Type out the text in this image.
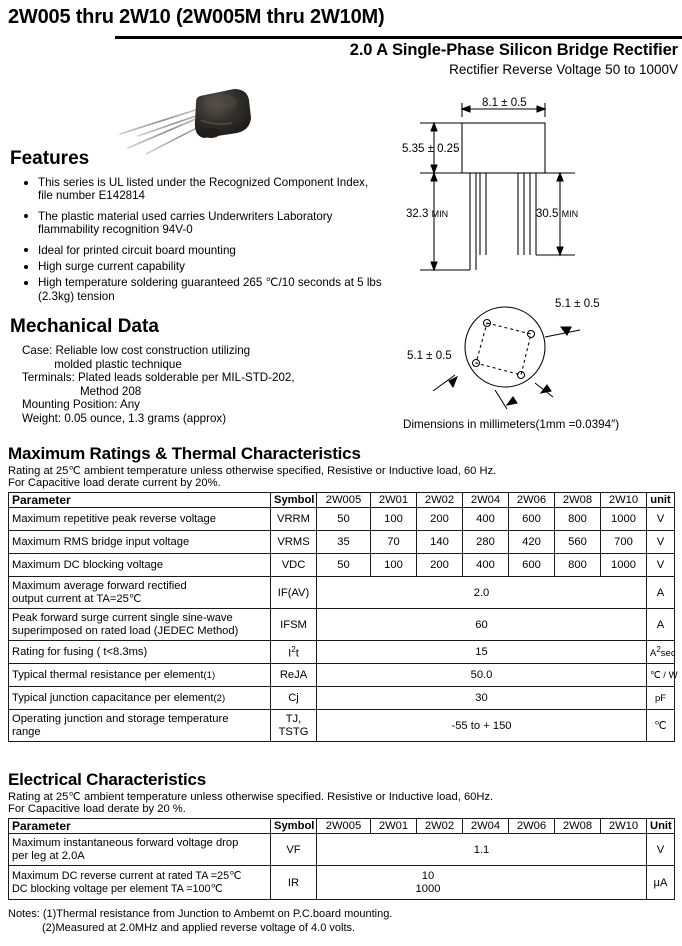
2W005 thru 2W10 (2W005M thru 2W10M)
2.0 A Single-Phase Silicon Bridge Rectifier
Rectifier Reverse Voltage 50 to 1000V
Features
This series is UL listed under the Recognized Component Index, file number E142814
The plastic material used carries Underwriters Laboratory flammability recognition 94V-0
Ideal for printed circuit board mounting
High surge current capability
High temperature soldering guaranteed 265 ℃/10 seconds at 5 lbs (2.3kg) tension
Mechanical Data
Case: Reliable low cost construction utilizing
molded plastic technique
Terminals: Plated leads solderable per MIL-STD-202,
Method 208
Mounting Position: Any
Weight: 0.05 ounce, 1.3 grams (approx)
8.1 ± 0.5
5.35 ± 0.25
32.3 MIN	30.5 MIN
5.1 ± 0.5
5.1 ± 0.5
Dimensions in millimeters(1mm =0.0394″)
Maximum Ratings & Thermal Characteristics
Rating at 25℃ ambient temperature unless otherwise specified, Resistive or Inductive load, 60 Hz.
For Capacitive load derate current by 20%.
Parameter	Symbol	2W005	2W01	2W02	2W04	2W06	2W08	2W10	unit
Maximum repetitive peak reverse voltage	VRRM	50	100	200	400	600	800	1000	V
Maximum RMS bridge input voltage	VRMS	35	70	140	280	420	560	700	V
Maximum DC blocking voltage	VDC	50	100	200	400	600	800	1000	V
Maximum average forward rectified
output current at TA=25℃	IF(AV)	2.0							A
Peak forward surge current single sine-wave
superimposed on rated load (JEDEC Method)	IFSM	60							A
Rating for fusing ( t<8.3ms)	$I^2t$	15							$A^2\sec$
Typical thermal resistance per element(1)	ReJA	50.0							℃ / W
Typical junction capacitance per element(2)	Cj	30							pF
Operating junction and storage temperature
range	TJ,
TSTG	-55 to + 150							℃
Electrical Characteristics
Rating at 25℃ ambient temperature unless otherwise specified. Resistive or Inductive load, 60Hz.
For Capacitive load derate by 20 %.
Parameter	Symbol	2W005	2W01	2W02	2W04	2W06	2W08	2W10	Unit
Maximum instantaneous forward voltage drop
per leg at 2.0A	VF	1.1							V
Maximum DC reverse current at rated TA =25℃
DC blocking voltage per element TA =100℃	IR	10
1000							μA
Notes: (1)Thermal resistance from Junction to Ambemt on P.C.board mounting.
(2)Measured at 2.0MHz and applied reverse voltage of 4.0 volts.
